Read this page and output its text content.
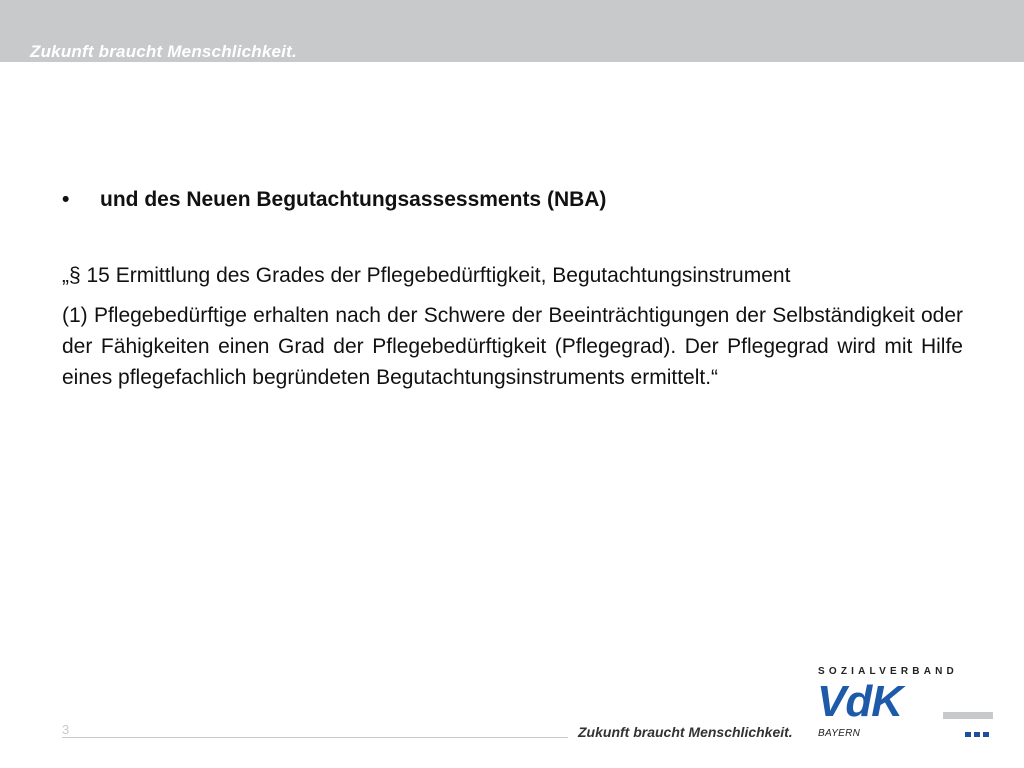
Zukunft braucht Menschlichkeit.
• und des Neuen Begutachtungsassessments (NBA)
„§ 15 Ermittlung des Grades der Pflegebedürftigkeit, Begutachtungsinstrument
(1) Pflegebedürftige erhalten nach der Schwere der Beeinträchtigungen der Selbständigkeit oder der Fähigkeiten einen Grad der Pflegebedürftigkeit (Pflegegrad). Der Pflegegrad wird mit Hilfe eines pflegefachlich begründeten Begutachtungsinstruments ermittelt.“
3	Zukunft braucht Menschlichkeit.
SOZIALVERBAND
VdK
BAYERN
